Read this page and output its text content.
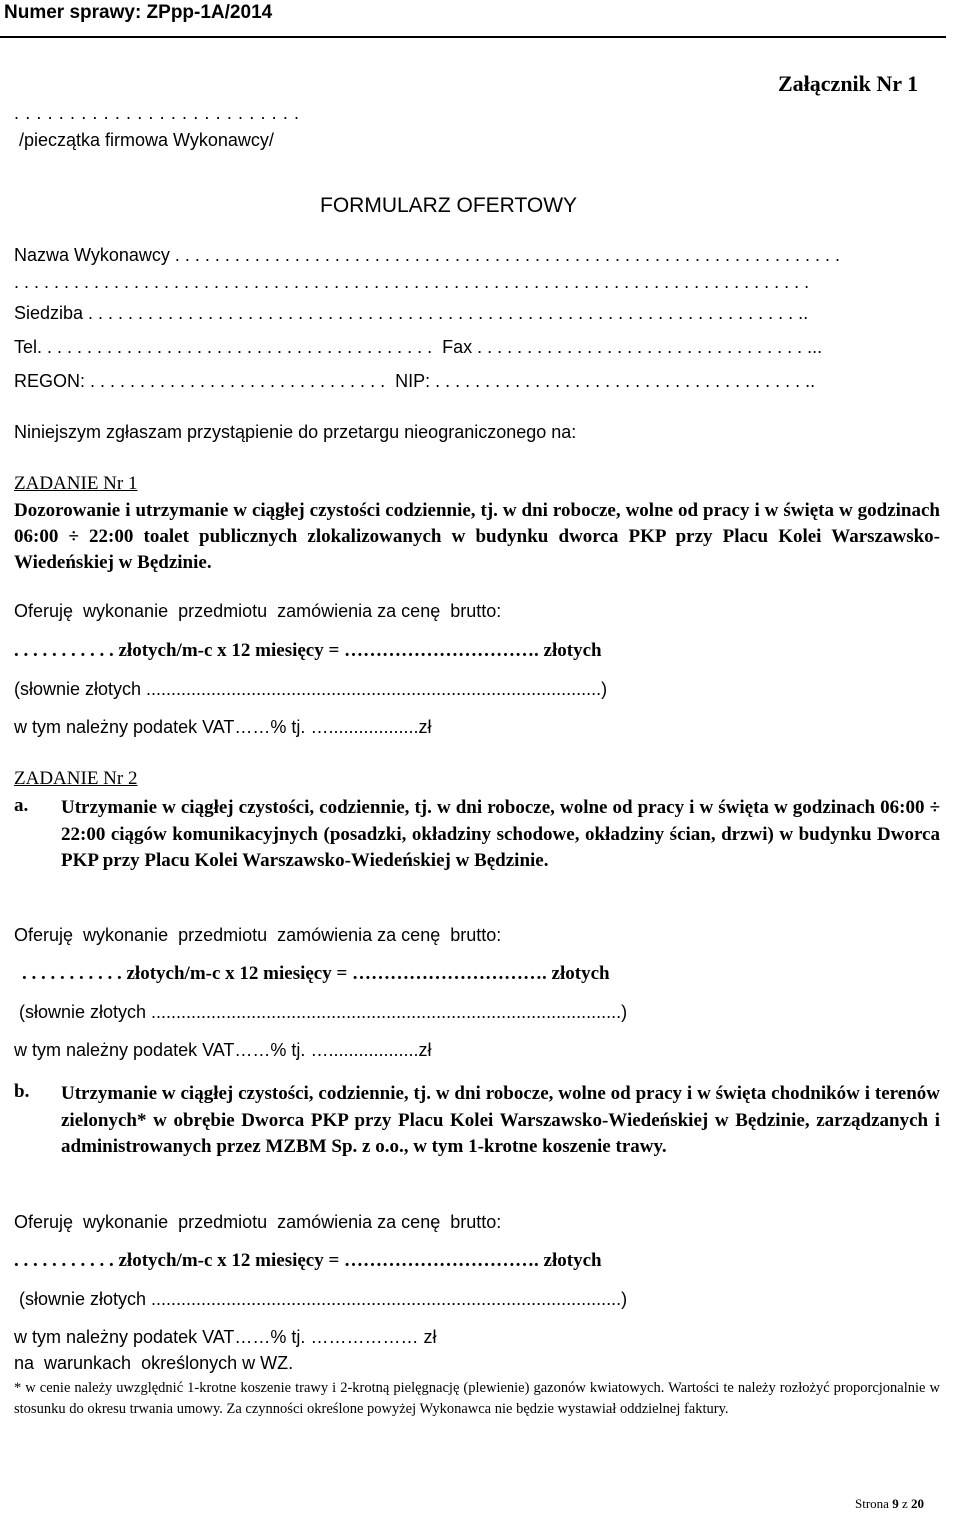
Numer sprawy: ZPpp-1A/2014
Załącznik Nr 1
. . . . . . . . . . . . . . . . . . . . . . . . . .
/pieczątka firmowa Wykonawcy/
FORMULARZ OFERTOWY
Nazwa Wykonawcy . . . . . . . . . . . . . . . . . . . . . . . . . . . . . . . . . . . . . . . . . . . . . . . . . . . . . . . . . . . . . . . . . . .
. . . . . . . . . . . . . . . . . . . . . . . . . . . . . . . . . . . . . . . . . . . . . . . . . . . . . . . . . . . . . . . . . . . . . . . . . . . . . . . .
Siedziba . . . . . . . . . . . . . . . . . . . . . . . . . . . . . . . . . . . . . . . . . . . . . . . . . . . . . . . . . . . . . . . . . . . . . . . ..
Tel. . . . . . . . . . . . . . . . . . . . . . . . . . . . . . . . . . . . . . . .  Fax . . . . . . . . . . . . . . . . . . . . . . . . . . . . . . . . . ...
REGON: . . . . . . . . . . . . . . . . . . . . . . . . . . . . . .  NIP: . . . . . . . . . . . . . . . . . . . . . . . . . . . . . . . . . . . . . ..
Niniejszym zgłaszam przystąpienie do przetargu nieograniczonego na:
ZADANIE Nr 1
Dozorowanie i utrzymanie w ciągłej czystości codziennie, tj. w dni robocze, wolne od pracy i w święta w godzinach 06:00 ÷ 22:00 toalet publicznych zlokalizowanych w budynku dworca PKP przy Placu Kolei Warszawsko-Wiedeńskiej w Będzinie.
Oferuję  wykonanie  przedmiotu  zamówienia za cenę  brutto:
. . . . . . . . . . . złotych/m-c x 12 miesięcy = …………………………. złotych
(słownie złotych ...........................................................................................)
w tym należny podatek VAT……% tj. …..................zł
ZADANIE Nr 2
a. Utrzymanie w ciągłej czystości, codziennie, tj. w dni robocze, wolne od pracy i w święta w godzinach 06:00 ÷ 22:00 ciągów komunikacyjnych (posadzki, okładziny schodowe, okładziny ścian, drzwi) w budynku Dworca PKP przy Placu Kolei Warszawsko-Wiedeńskiej w Będzinie.
Oferuję  wykonanie  przedmiotu  zamówienia za cenę  brutto:
. . . . . . . . . . . złotych/m-c x 12 miesięcy = …………………………. złotych
(słownie złotych ..............................................................................................)
w tym należny podatek VAT……% tj. …..................zł
b. Utrzymanie w ciągłej czystości, codziennie, tj. w dni robocze, wolne od pracy i w święta chodników i terenów zielonych* w obrębie Dworca PKP przy Placu Kolei Warszawsko-Wiedeńskiej w Będzinie, zarządzanych i administrowanych przez MZBM Sp. z o.o., w tym 1-krotne koszenie trawy.
Oferuję  wykonanie  przedmiotu  zamówienia za cenę  brutto:
. . . . . . . . . . . złotych/m-c x 12 miesięcy = …………………………. złotych
(słownie złotych ..............................................................................................)
w tym należny podatek VAT……% tj. ……………… zł
na  warunkach  określonych w WZ.
* w cenie należy uwzględnić 1-krotne koszenie trawy i 2-krotną pielęgnację (plewienie) gazonów kwiatowych. Wartości te należy rozłożyć proporcjonalnie w stosunku do okresu trwania umowy. Za czynności określone powyżej Wykonawca nie będzie wystawiał oddzielnej faktury.
Strona 9 z 20
